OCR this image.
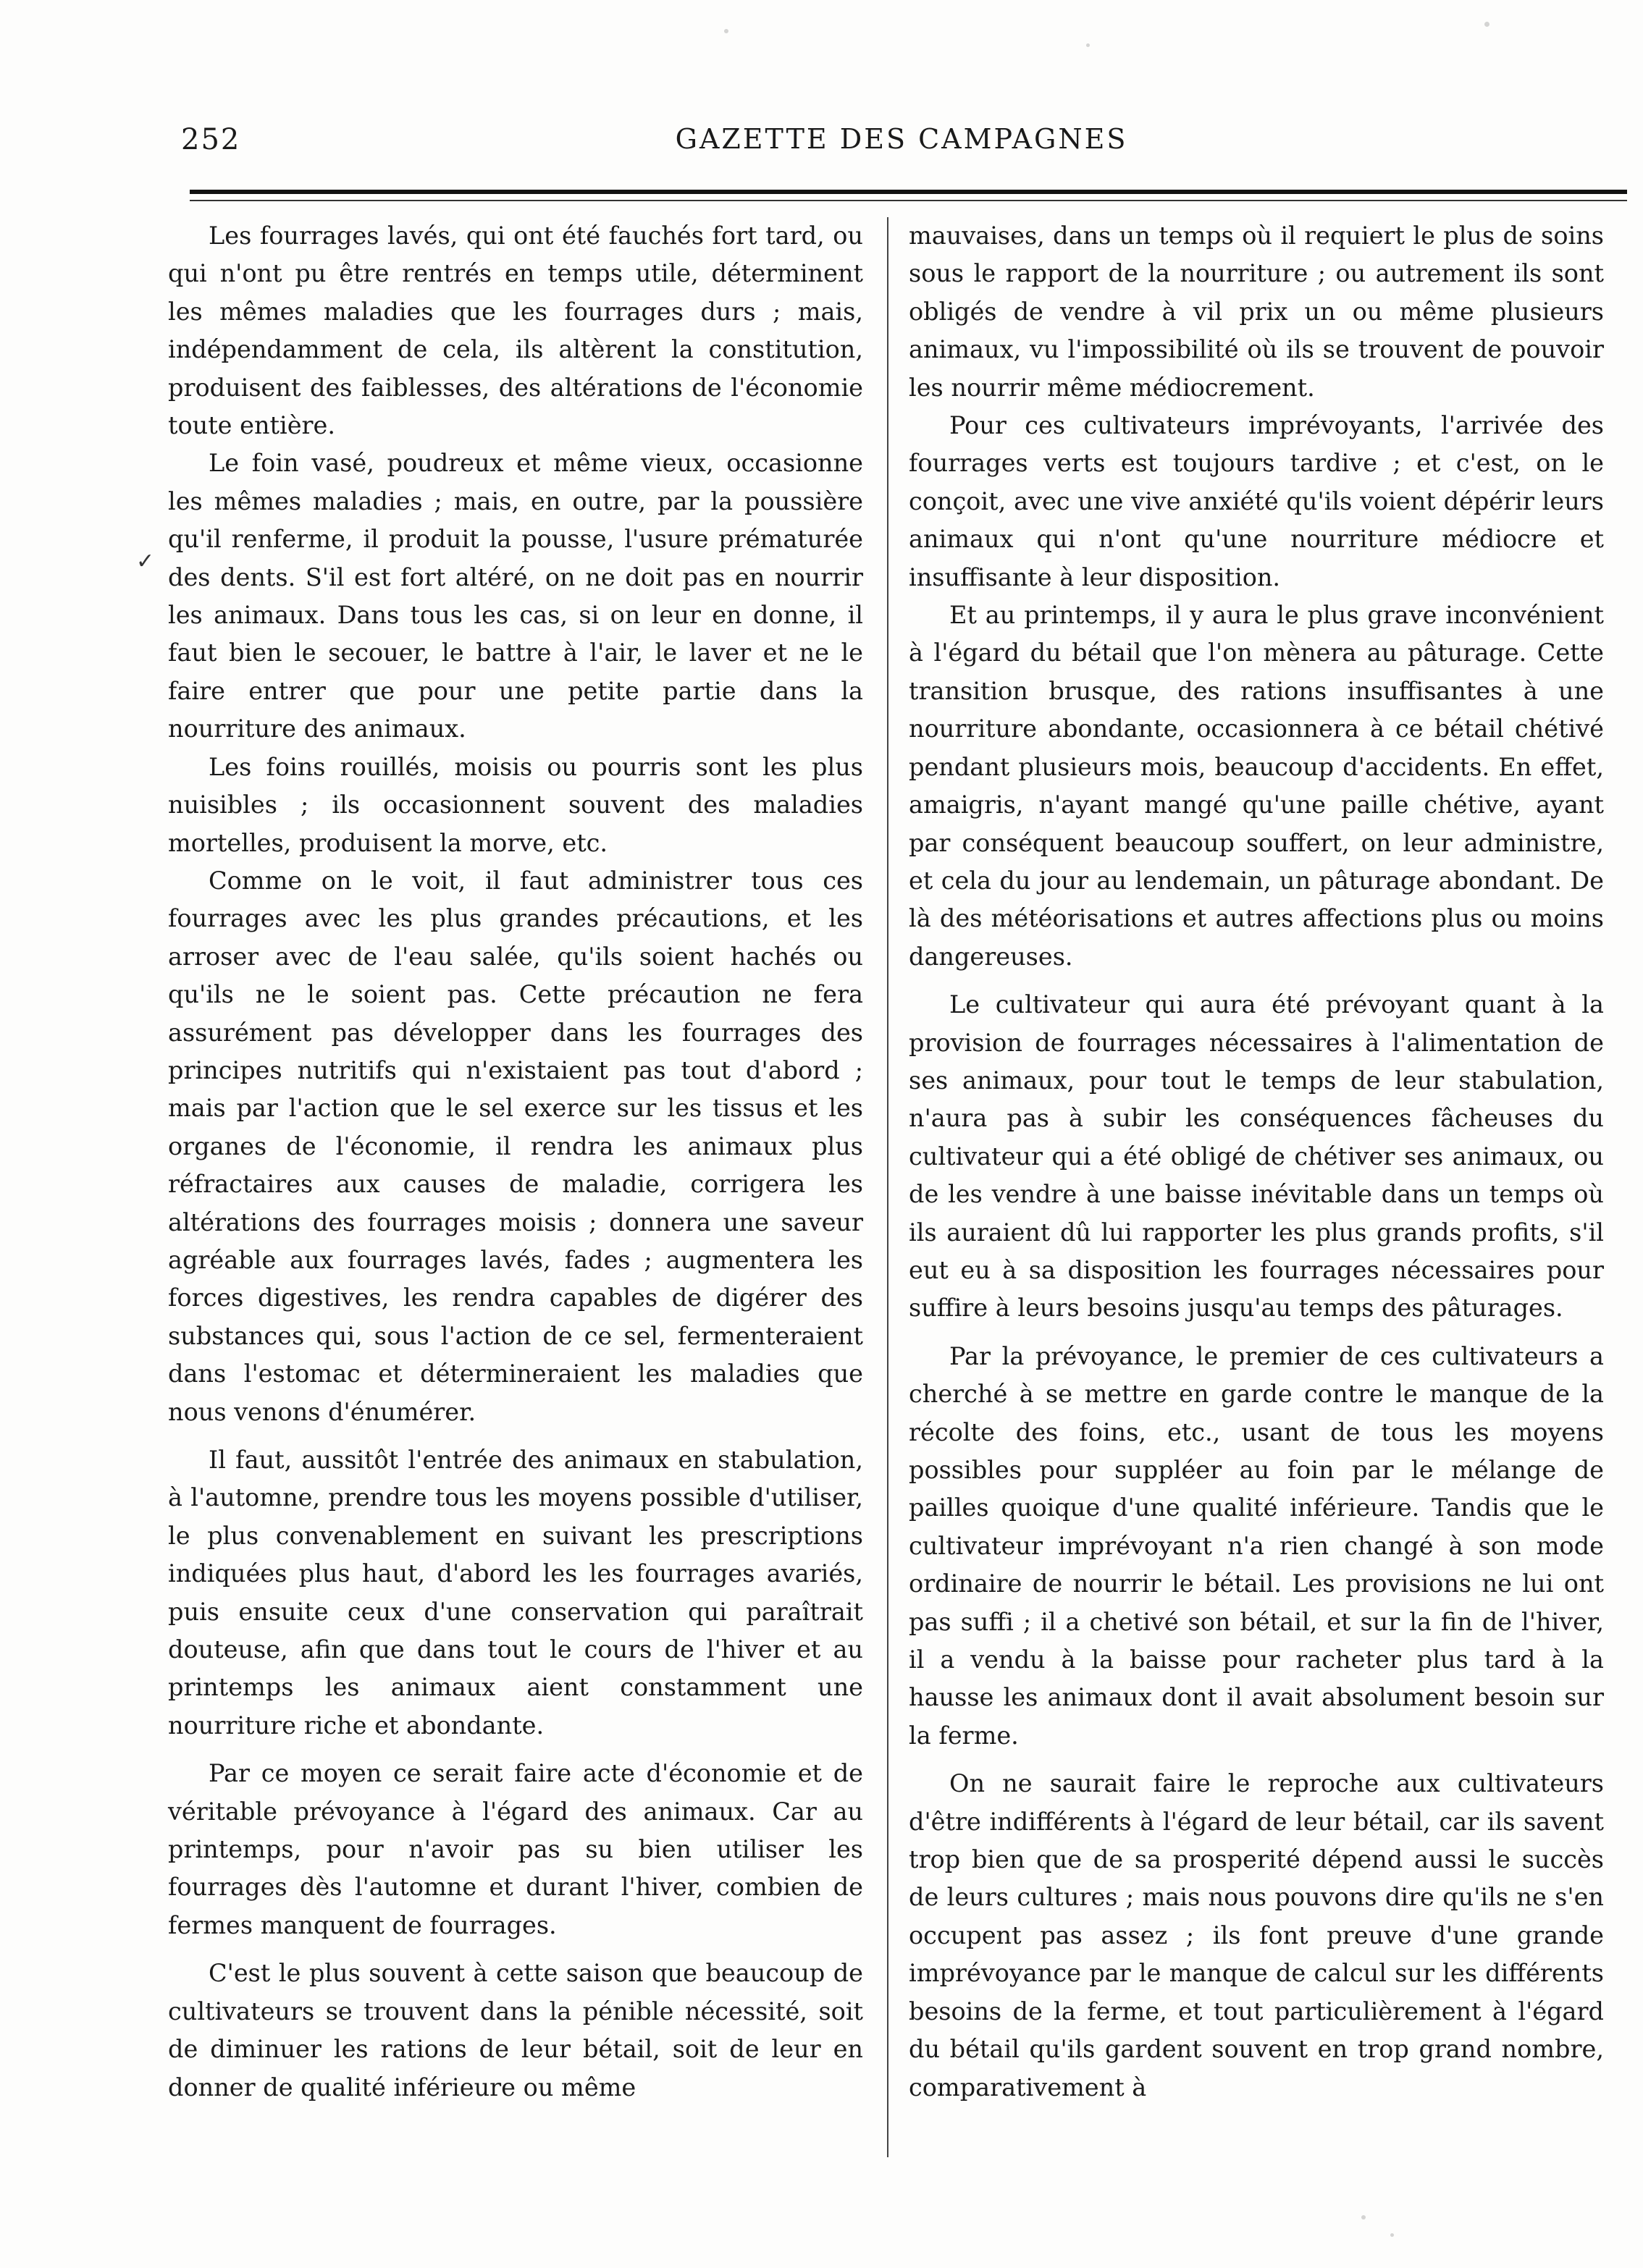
252	GAZETTE DES CAMPAGNES
✓

Les fourrages lavés, qui ont été fauchés fort tard, ou qui n'ont pu être rentrés en temps utile, déterminent les mêmes maladies que les fourrages durs ; mais, indépendamment de cela, ils altèrent la constitution, produisent des faiblesses, des altérations de l'économie toute entière.

Le foin vasé, poudreux et même vieux, occasionne les mêmes maladies ; mais, en outre, par la poussière qu'il renferme, il produit la pousse, l'usure prématurée des dents. S'il est fort altéré, on ne doit pas en nourrir les animaux. Dans tous les cas, si on leur en donne, il faut bien le secouer, le battre à l'air, le laver et ne le faire entrer que pour une petite partie dans la nourriture des animaux.

Les foins rouillés, moisis ou pourris sont les plus nuisibles ; ils occasionnent souvent des maladies mortelles, produisent la morve, etc.

Comme on le voit, il faut administrer tous ces fourrages avec les plus grandes précautions, et les arroser avec de l'eau salée, qu'ils soient hachés ou qu'ils ne le soient pas. Cette précaution ne fera assurément pas développer dans les fourrages des principes nutritifs qui n'existaient pas tout d'abord ; mais par l'action que le sel exerce sur les tissus et les organes de l'économie, il rendra les animaux plus réfractaires aux causes de maladie, corrigera les altérations des fourrages moisis ; donnera une saveur agréable aux fourrages lavés, fades ; augmentera les forces digestives, les rendra capables de digérer des substances qui, sous l'action de ce sel, fermenteraient dans l'estomac et détermineraient les maladies que nous venons d'énumérer.

Il faut, aussitôt l'entrée des animaux en stabulation, à l'automne, prendre tous les moyens possible d'utiliser, le plus convenablement en suivant les prescriptions indiquées plus haut, d'abord les les fourrages avariés, puis ensuite ceux d'une conservation qui paraîtrait douteuse, afin que dans tout le cours de l'hiver et au printemps les animaux aient constamment une nourriture riche et abondante.

Par ce moyen ce serait faire acte d'économie et de véritable prévoyance à l'égard des animaux. Car au printemps, pour n'avoir pas su bien utiliser les fourrages dès l'automne et durant l'hiver, combien de fermes manquent de fourrages.

C'est le plus souvent à cette saison que beaucoup de cultivateurs se trouvent dans la pénible nécessité, soit de diminuer les rations de leur bétail, soit de leur en donner de qualité inférieure ou même

mauvaises, dans un temps où il requiert le plus de soins sous le rapport de la nourriture ; ou autrement ils sont obligés de vendre à vil prix un ou même plusieurs animaux, vu l'impossibilité où ils se trouvent de pouvoir les nourrir même médiocrement.

Pour ces cultivateurs imprévoyants, l'arrivée des fourrages verts est toujours tardive ; et c'est, on le conçoit, avec une vive anxiété qu'ils voient dépérir leurs animaux qui n'ont qu'une nourriture médiocre et insuffisante à leur disposition.

Et au printemps, il y aura le plus grave inconvénient à l'égard du bétail que l'on mènera au pâturage. Cette transition brusque, des rations insuffisantes à une nourriture abondante, occasionnera à ce bétail chétivé pendant plusieurs mois, beaucoup d'accidents. En effet, amaigris, n'ayant mangé qu'une paille chétive, ayant par conséquent beaucoup souffert, on leur administre, et cela du jour au lendemain, un pâturage abondant. De là des météorisations et autres affections plus ou moins dangereuses.

Le cultivateur qui aura été prévoyant quant à la provision de fourrages nécessaires à l'alimentation de ses animaux, pour tout le temps de leur stabulation, n'aura pas à subir les conséquences fâcheuses du cultivateur qui a été obligé de chétiver ses animaux, ou de les vendre à une baisse inévitable dans un temps où ils auraient dû lui rapporter les plus grands profits, s'il eut eu à sa disposition les fourrages nécessaires pour suffire à leurs besoins jusqu'au temps des pâturages.

Par la prévoyance, le premier de ces cultivateurs a cherché à se mettre en garde contre le manque de la récolte des foins, etc., usant de tous les moyens possibles pour suppléer au foin par le mélange de pailles quoique d'une qualité inférieure. Tandis que le cultivateur imprévoyant n'a rien changé à son mode ordinaire de nourrir le bétail. Les provisions ne lui ont pas suffi ; il a chetivé son bétail, et sur la fin de l'hiver, il a vendu à la baisse pour racheter plus tard à la hausse les animaux dont il avait absolument besoin sur la ferme.

On ne saurait faire le reproche aux cultivateurs d'être indifférents à l'égard de leur bétail, car ils savent trop bien que de sa prosperité dépend aussi le succès de leurs cultures ; mais nous pouvons dire qu'ils ne s'en occupent pas assez ; ils font preuve d'une grande imprévoyance par le manque de calcul sur les différents besoins de la ferme, et tout particulièrement à l'égard du bétail qu'ils gardent souvent en trop grand nombre, comparativement à
